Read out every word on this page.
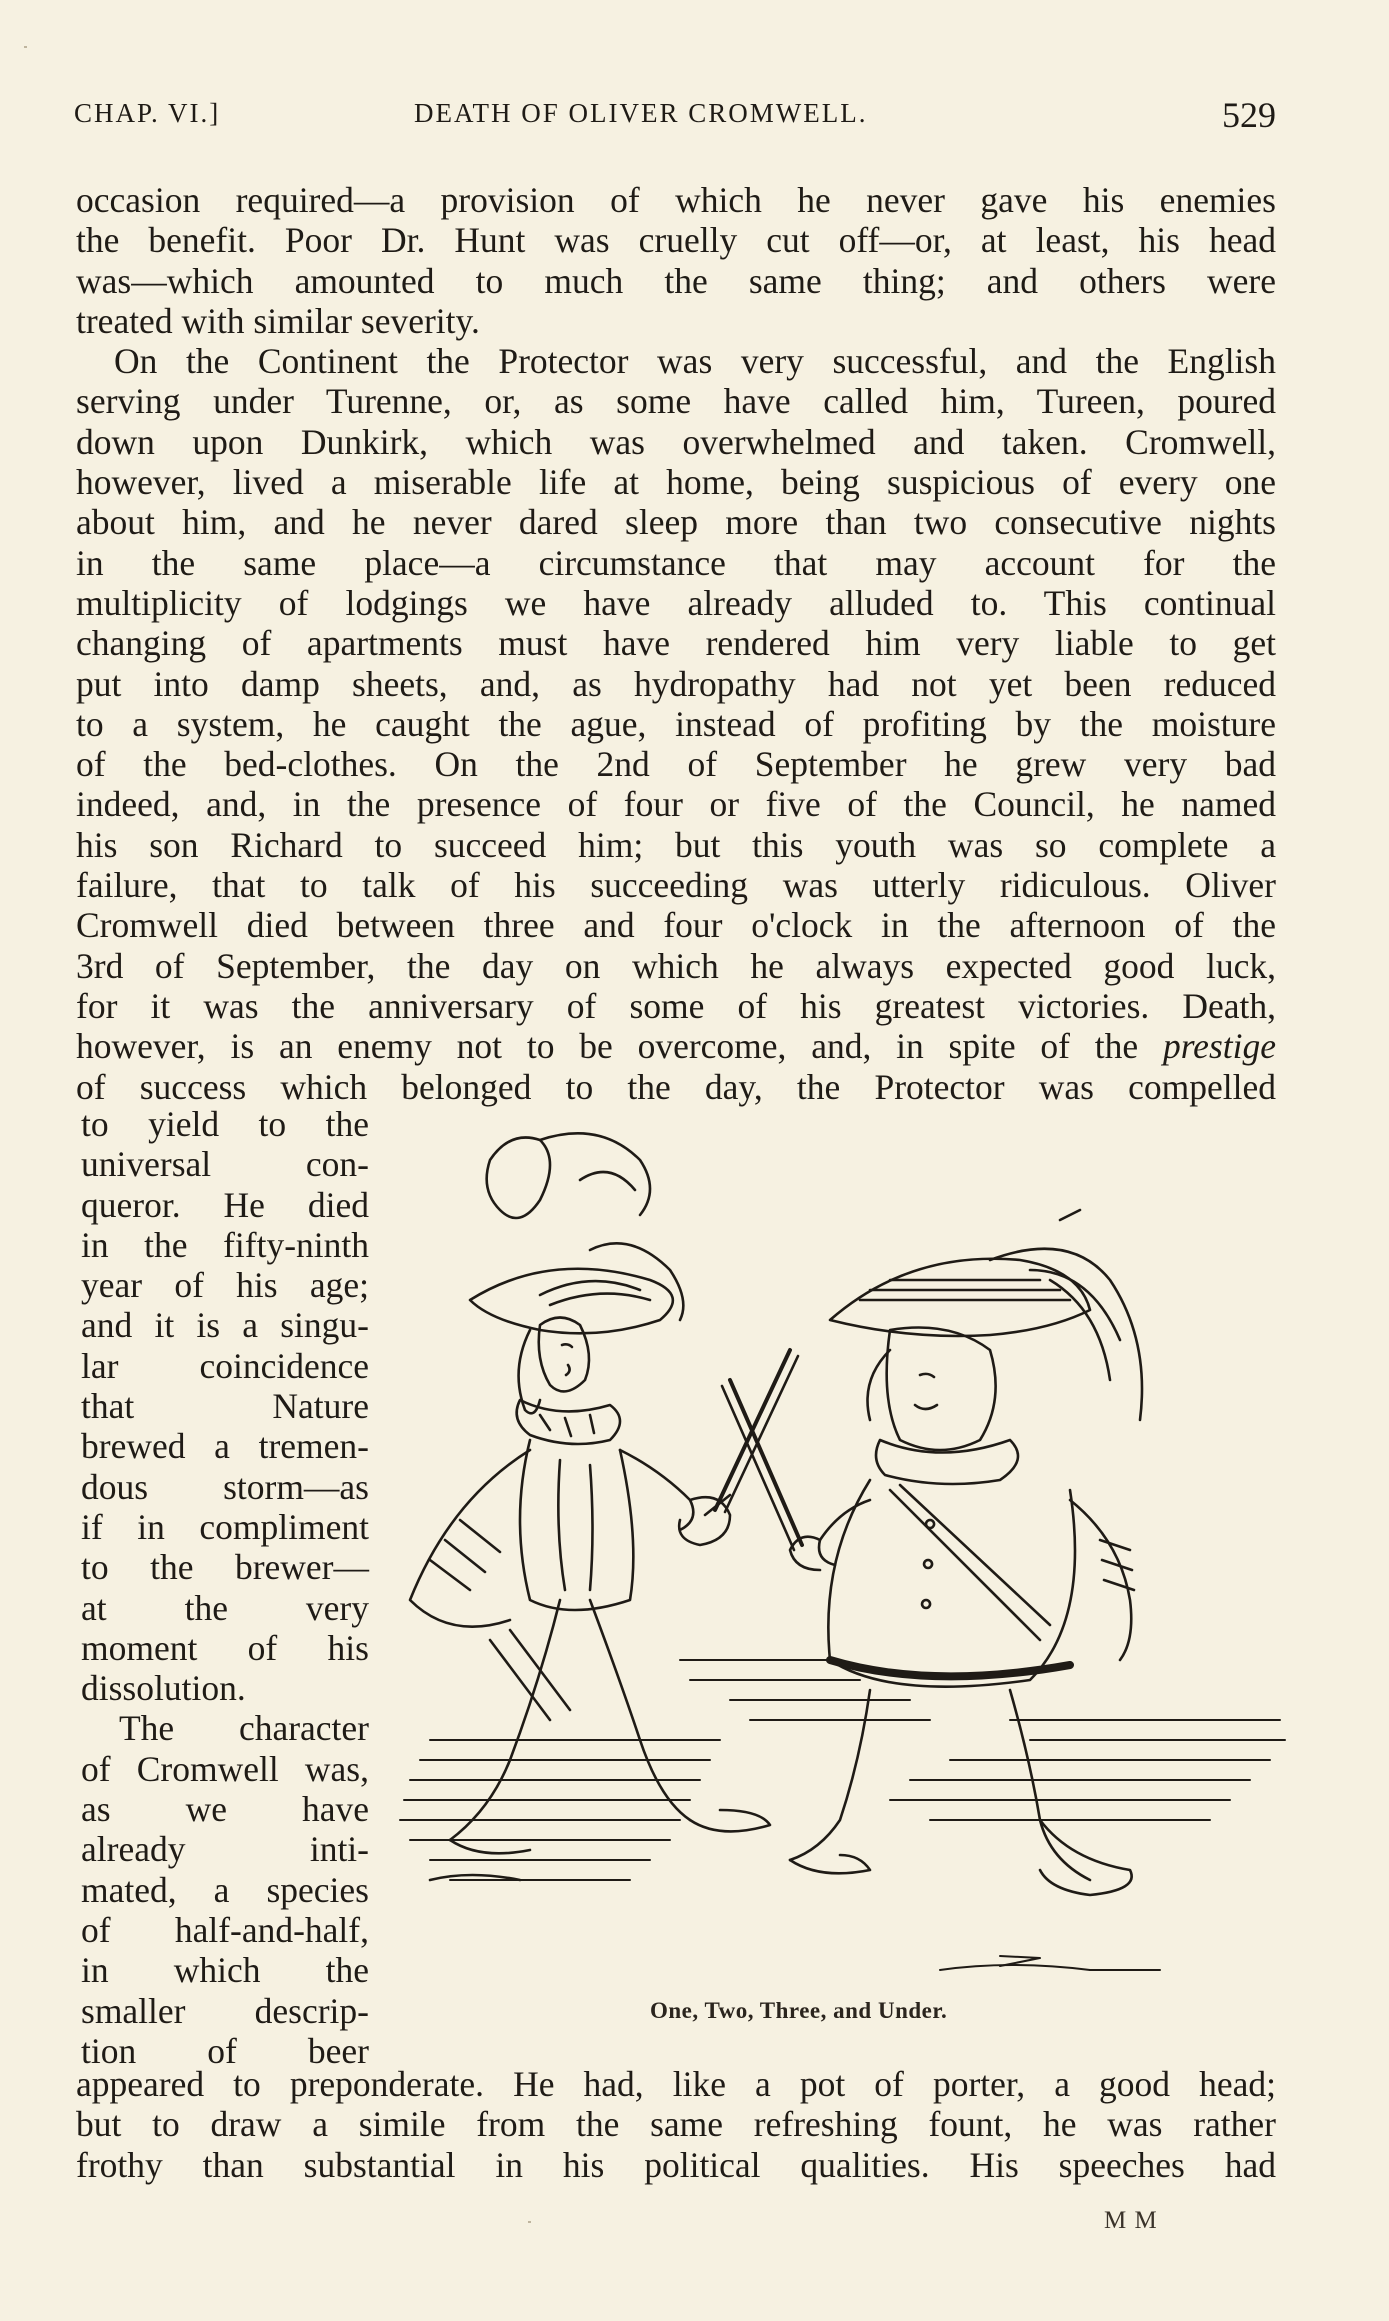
CHAP. VI.]	DEATH OF OLIVER CROMWELL.	529
occasion required—a provision of which he never gave his enemies
the benefit. Poor Dr. Hunt was cruelly cut off—or, at least, his head
was—which amounted to much the same thing; and others were
treated with similar severity.
On the Continent the Protector was very successful, and the English
serving under Turenne, or, as some have called him, Tureen, poured
down upon Dunkirk, which was overwhelmed and taken. Cromwell,
however, lived a miserable life at home, being suspicious of every one
about him, and he never dared sleep more than two consecutive nights
in the same place—a circumstance that may account for the
multiplicity of lodgings we have already alluded to. This continual
changing of apartments must have rendered him very liable to get
put into damp sheets, and, as hydropathy had not yet been reduced
to a system, he caught the ague, instead of profiting by the moisture
of the bed-clothes. On the 2nd of September he grew very bad
indeed, and, in the presence of four or five of the Council, he named
his son Richard to succeed him; but this youth was so complete a
failure, that to talk of his succeeding was utterly ridiculous. Oliver
Cromwell died between three and four o'clock in the afternoon of the
3rd of September, the day on which he always expected good luck,
for it was the anniversary of some of his greatest victories. Death,
however, is an enemy not to be overcome, and, in spite of the prestige
of success which belonged to the day, the Protector was compelled
to yield to the
universal con-
queror. He died
in the fifty-ninth
year of his age;
and it is a singu-
lar coincidence
that Nature
brewed a tremen-
dous storm—as
if in compliment
to the brewer—
at the very
moment of his
dissolution.
The character
of Cromwell was,
as we have
already inti-
mated, a species
of half-and-half,
in which the
smaller descrip-
tion of beer
One, Two, Three, and Under.
appeared to preponderate. He had, like a pot of porter, a good head;
but to draw a simile from the same refreshing fount, he was rather
frothy than substantial in his political qualities. His speeches had
M M
